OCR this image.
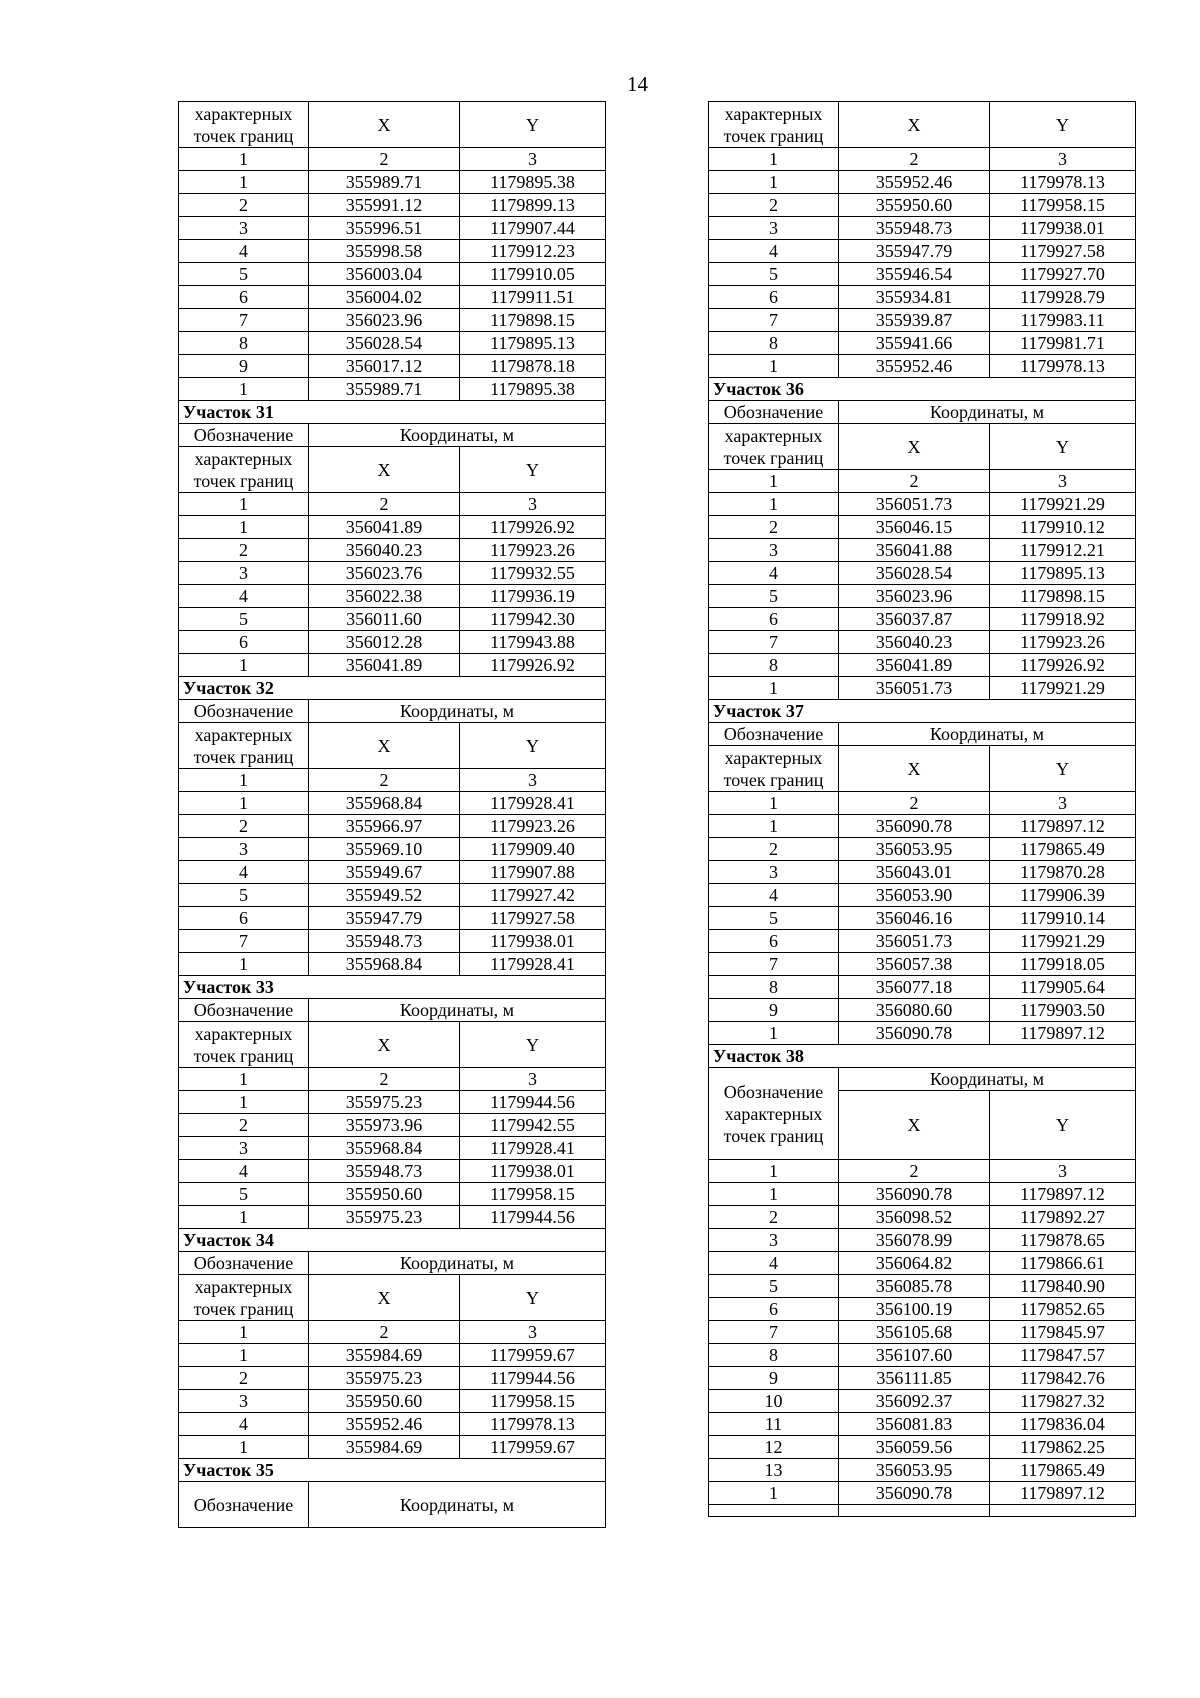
14
характерных
точек границ	X	Y
1	2	3
1	355989.71	1179895.38
2	355991.12	1179899.13
3	355996.51	1179907.44
4	355998.58	1179912.23
5	356003.04	1179910.05
6	356004.02	1179911.51
7	356023.96	1179898.15
8	356028.54	1179895.13
9	356017.12	1179878.18
1	355989.71	1179895.38
Участок 31		
Обозначение	Координаты, м	
характерных
точек границ	X	Y
1	2	3
1	356041.89	1179926.92
2	356040.23	1179923.26
3	356023.76	1179932.55
4	356022.38	1179936.19
5	356011.60	1179942.30
6	356012.28	1179943.88
1	356041.89	1179926.92
Участок 32		
Обозначение	Координаты, м	
характерных
точек границ	X	Y
1	2	3
1	355968.84	1179928.41
2	355966.97	1179923.26
3	355969.10	1179909.40
4	355949.67	1179907.88
5	355949.52	1179927.42
6	355947.79	1179927.58
7	355948.73	1179938.01
1	355968.84	1179928.41
Участок 33		
Обозначение	Координаты, м	
характерных
точек границ	X	Y
1	2	3
1	355975.23	1179944.56
2	355973.96	1179942.55
3	355968.84	1179928.41
4	355948.73	1179938.01
5	355950.60	1179958.15
1	355975.23	1179944.56
Участок 34		
Обозначение	Координаты, м	
характерных
точек границ	X	Y
1	2	3
1	355984.69	1179959.67
2	355975.23	1179944.56
3	355950.60	1179958.15
4	355952.46	1179978.13
1	355984.69	1179959.67
Участок 35		
Обозначение	Координаты, м	
характерных
точек границ	X	Y
1	2	3
1	355952.46	1179978.13
2	355950.60	1179958.15
3	355948.73	1179938.01
4	355947.79	1179927.58
5	355946.54	1179927.70
6	355934.81	1179928.79
7	355939.87	1179983.11
8	355941.66	1179981.71
1	355952.46	1179978.13
Участок 36		
Обозначение	Координаты, м	
характерных
точек границ	X	Y
1	2	3
1	356051.73	1179921.29
2	356046.15	1179910.12
3	356041.88	1179912.21
4	356028.54	1179895.13
5	356023.96	1179898.15
6	356037.87	1179918.92
7	356040.23	1179923.26
8	356041.89	1179926.92
1	356051.73	1179921.29
Участок 37		
Обозначение	Координаты, м	
характерных
точек границ	X	Y
1	2	3
1	356090.78	1179897.12
2	356053.95	1179865.49
3	356043.01	1179870.28
4	356053.90	1179906.39
5	356046.16	1179910.14
6	356051.73	1179921.29
7	356057.38	1179918.05
8	356077.18	1179905.64
9	356080.60	1179903.50
1	356090.78	1179897.12
Участок 38		
Обозначение
характерных
точек границ	Координаты, м	
	X	Y
1	2	3
1	356090.78	1179897.12
2	356098.52	1179892.27
3	356078.99	1179878.65
4	356064.82	1179866.61
5	356085.78	1179840.90
6	356100.19	1179852.65
7	356105.68	1179845.97
8	356107.60	1179847.57
9	356111.85	1179842.76
10	356092.37	1179827.32
11	356081.83	1179836.04
12	356059.56	1179862.25
13	356053.95	1179865.49
1	356090.78	1179897.12
